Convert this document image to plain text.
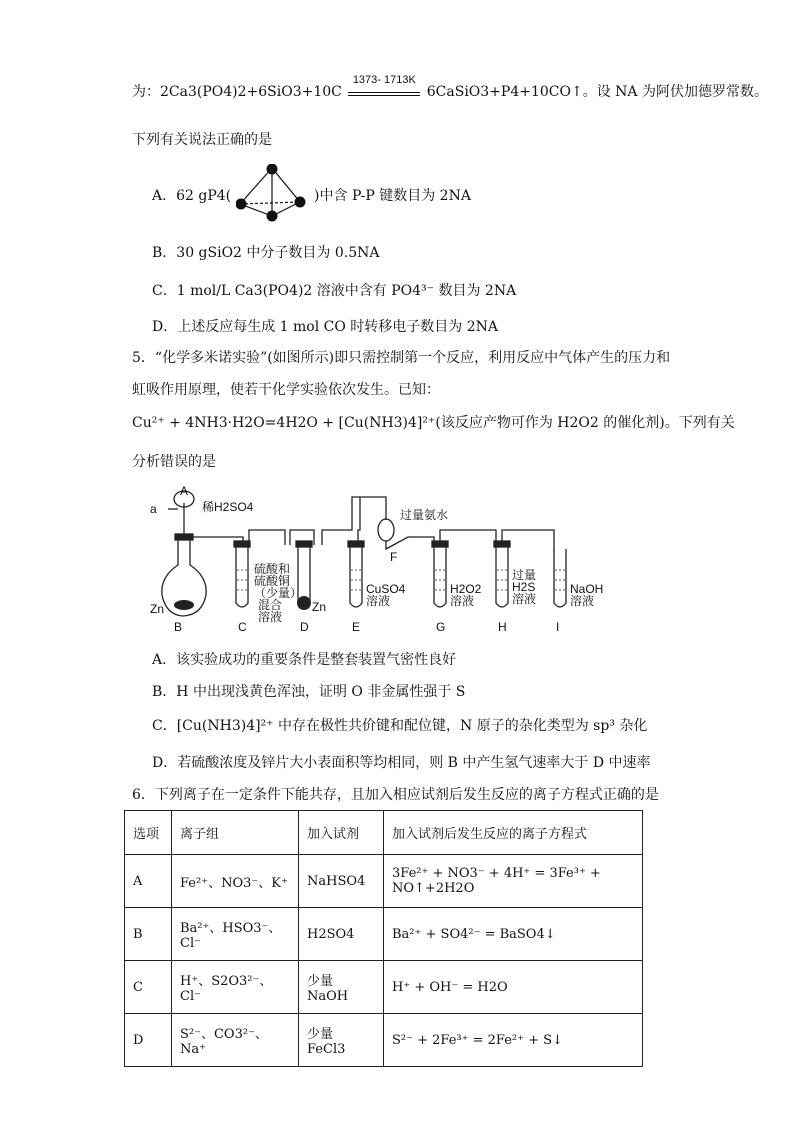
为：2Ca3(PO4)2+6SiO3+10C
1373- 1713K
6CaSiO3+P4+10CO↑。设 NA 为阿伏加德罗常数。
下列有关说法正确的是
A．62 gP4(	)中含 P-P 键数目为 2NA
B．30 gSiO2 中分子数目为 0.5NA
C．1 mol/L Ca3(PO4)2 溶液中含有 PO4³⁻ 数目为 2NA
D．上述反应每生成 1 mol CO 时转移电子数目为 2NA
5．“化学多米诺实验”(如图所示)即只需控制第一个反应，利用反应中气体产生的压力和
虹吸作用原理，使若干化学实验依次发生。已知：
Cu²⁺ + 4NH3·H2O=4H2O + [Cu(NH3)4]²⁺(该反应产物可作为 H2O2 的催化剂)。下列有关
分析错误的是
a
A
稀H2SO4
Zn	Zn
硫酸和
硫酸铜
（少量）
混合
溶液
CuSO4
溶液
F
过量氨水
H2O2
溶液
过量
H2S
溶液
NaOH
溶液
B	C	D	E	G	H	I
A．该实验成功的重要条件是整套装置气密性良好
B．H 中出现浅黄色浑浊，证明 O 非金属性强于 S
C．[Cu(NH3)4]²⁺ 中存在极性共价键和配位键，N 原子的杂化类型为 sp³ 杂化
D．若硫酸浓度及锌片大小表面积等均相同，则 B 中产生氢气速率大于 D 中速率
6．下列离子在一定条件下能共存，且加入相应试剂后发生反应的离子方程式正确的是
选项	离子组	加入试剂	加入试剂后发生反应的离子方程式
A	Fe²⁺、NO3⁻、K⁺	NaHSO4	3Fe²⁺ + NO3⁻ + 4H⁺ = 3Fe³⁺ + NO↑+2H2O
B	Ba²⁺、HSO3⁻、Cl⁻	H2SO4	Ba²⁺ + SO4²⁻ = BaSO4↓
C	H⁺、S2O3²⁻、Cl⁻	少量 NaOH	H⁺ + OH⁻ = H2O
D	S²⁻、CO3²⁻、Na⁺	少量 FeCl3	S²⁻ + 2Fe³⁺ = 2Fe²⁺ + S↓
